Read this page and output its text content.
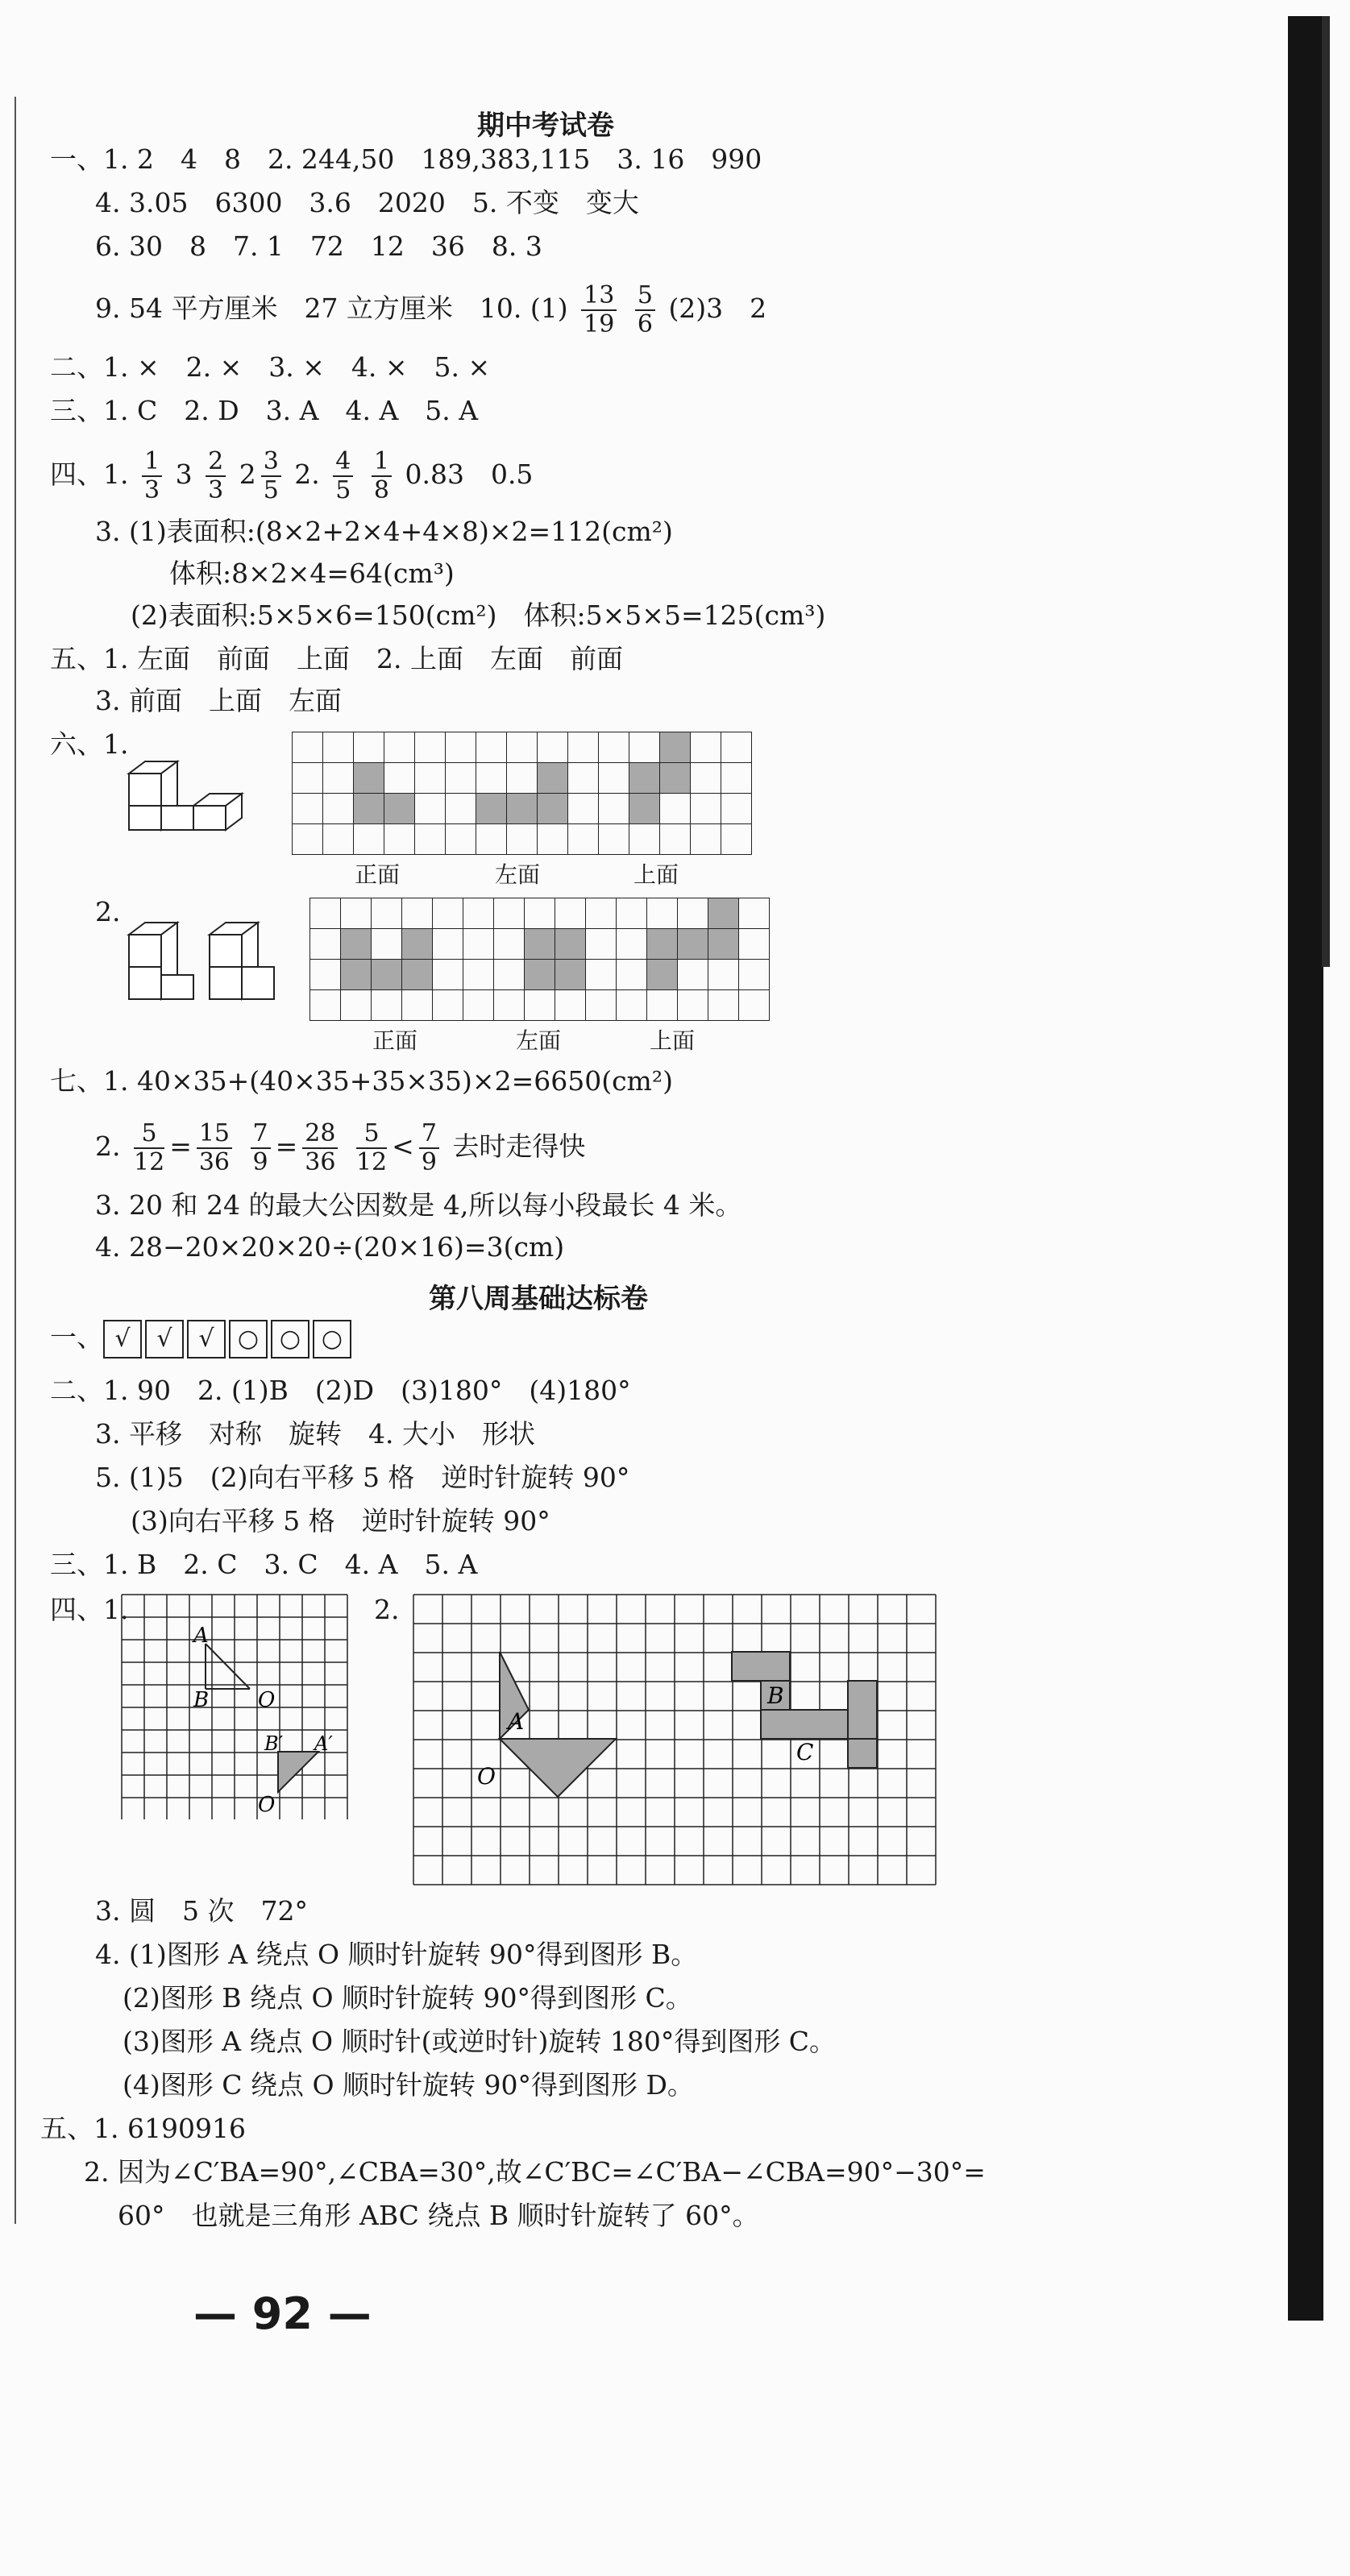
期中考试卷
一、1. 2　4　8　2. 244,50　189,383,115　3. 16　990
4. 3.05　6300　3.6　2020　5. 不变　变大
6. 30　8　7. 1　72　12　36　8. 3
9. 54 平方厘米　27 立方厘米　10. $(1) \frac{13}{19}$
$\frac{5}{6} (2)3$　2
二、1. ×　2. ×　3. ×　4. ×　5. ×
三、1. C　2. D　3. A　4. A　5. A
四、1. $\frac{1}{3} 3 \frac{2}{3} 2 \frac{3}{5} 2$. $\frac{4}{5}$
$\frac{1}{8} 0.83$　0.5
3. (1)表面积:(8×2+2×4+4×8)×2=112(cm²)
体积:8×2×4=64(cm³)
(2)表面积:5×5×6=150(cm²)　体积:5×5×5=125(cm³)
五、1. 左面　前面　上面　2. 上面　左面　前面
3. 前面　上面　左面
六、1.
正面	左面	上面
2.
正面	左面	上面
七、1. 40×35+(40×35+35×35)×2=6650(cm²)
2. $\frac{5}{12} = \frac{15}{36}$
$\frac{7}{9} = \frac{28}{36}$
$\frac{5}{12} < \frac{7}{9}$ 去时走得快
3. 20 和 24 的最大公因数是 4,所以每小段最长 4 米。
4. 28−20×20×20÷(20×16)=3(cm)
第八周基础达标卷
一、 √ √ √ ○ ○ ○
二、1. 90　2. (1)B　(2)D　(3)180°　(4)180°
3. 平移　对称　旋转　4. 大小　形状
5. (1)5　(2)向右平移 5 格　逆时针旋转 90°
(3)向右平移 5 格　逆时针旋转 90°
三、1. B　2. C　3. C　4. A　5. A
四、1.	2.
A
B O
B′ A′
O
A
B
C
O
3. 圆　5 次　72°
4. (1)图形 A 绕点 O 顺时针旋转 90°得到图形 B。
(2)图形 B 绕点 O 顺时针旋转 90°得到图形 C。
(3)图形 A 绕点 O 顺时针(或逆时针)旋转 180°得到图形 C。
(4)图形 C 绕点 O 顺时针旋转 90°得到图形 D。
五、1. 6190916
2. 因为∠C′BA=90°,∠CBA=30°,故∠C′BC=∠C′BA−∠CBA=90°−30°=
60°　也就是三角形 ABC 绕点 B 顺时针旋转了 60°。
— 92 —
